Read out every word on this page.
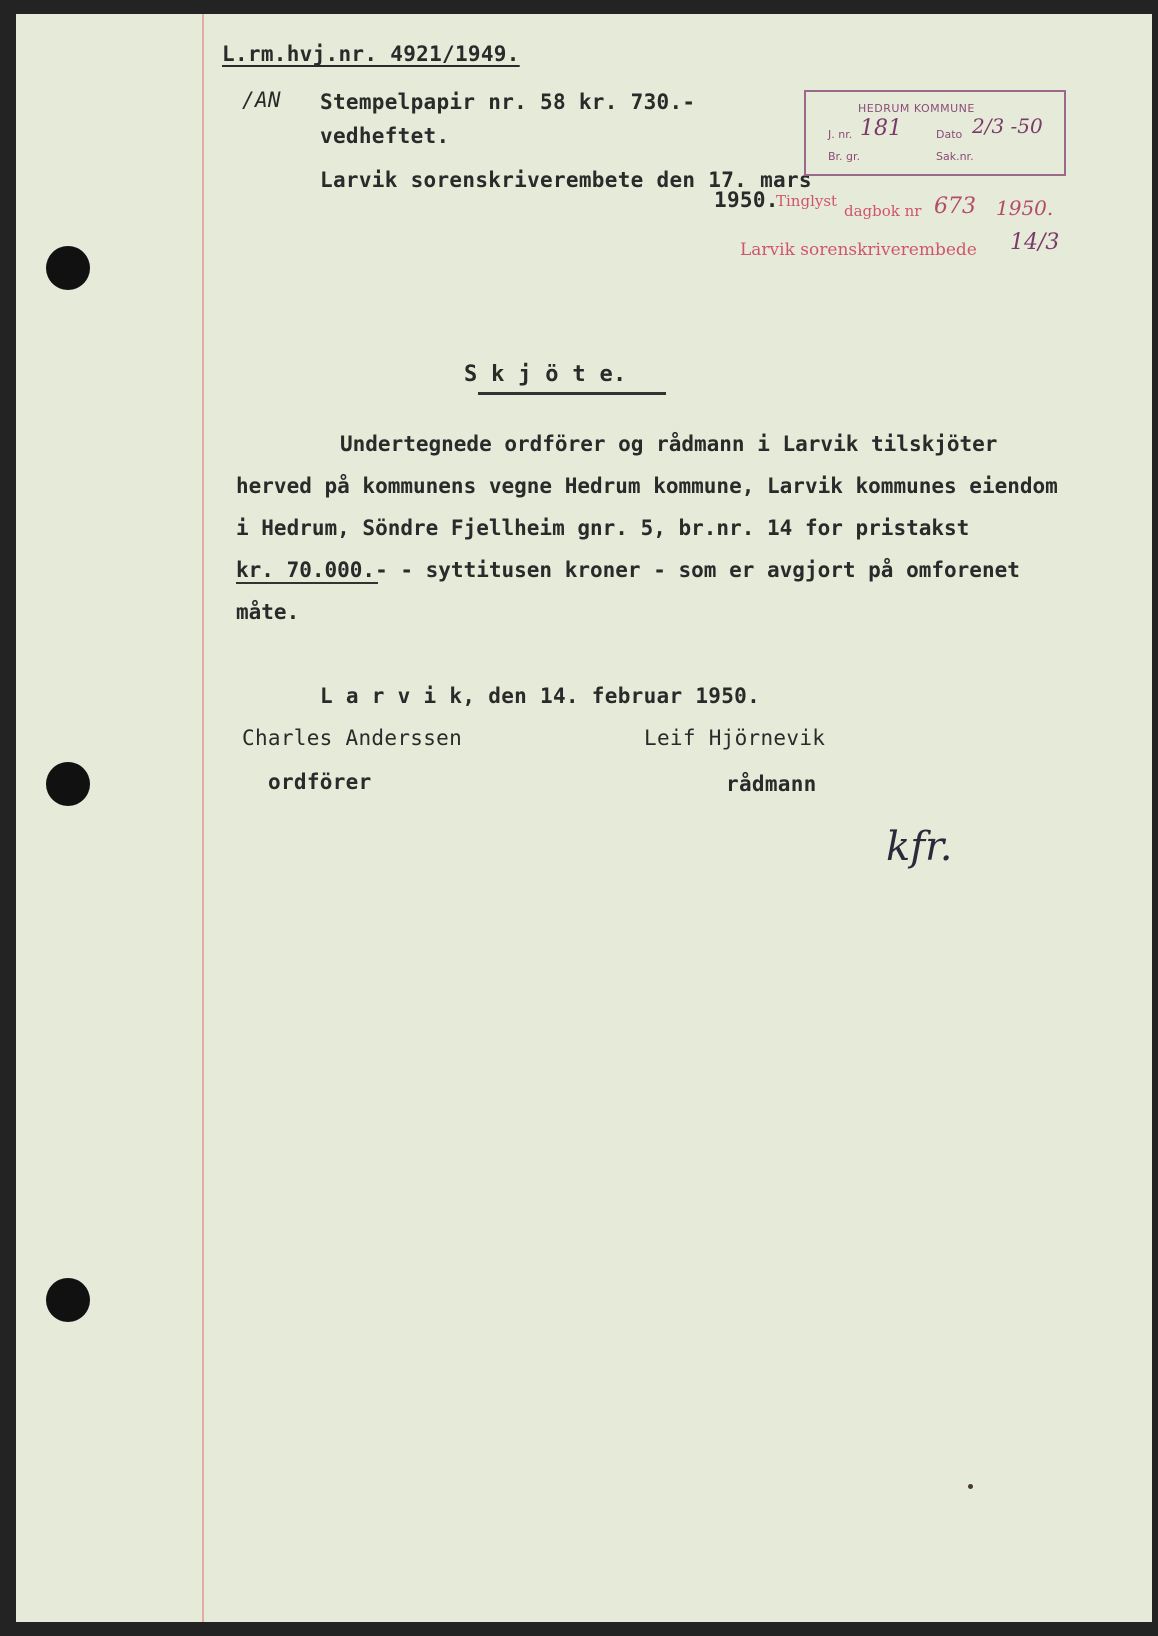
L.rm.hvj.nr. 4921/1949.
/AN Stempelpapir nr. 58 kr. 730.-
vedheftet.
Larvik sorenskriverembete den 17. mars
1950.
HEDRUM KOMMUNE
J. nr. 181	Dato 2/3 -50
Br. gr.	Sak.nr.
Tinglyst
dagbok nr 673 1950.
Larvik sorenskriverembede 14/3
S k j ö t e.
Undertegnede ordförer og rådmann i Larvik tilskjöter
herved på kommunens vegne Hedrum kommune, Larvik kommunes eiendom
i Hedrum, Söndre Fjellheim gnr. 5, br.nr. 14 for pristakst
kr. 70.000.- - syttitusen kroner - som er avgjort på omforenet
måte.
L a r v i k, den 14. februar 1950.
Charles Anderssen
ordförer
Leif Hjörnevik
rådmann
kfr.
